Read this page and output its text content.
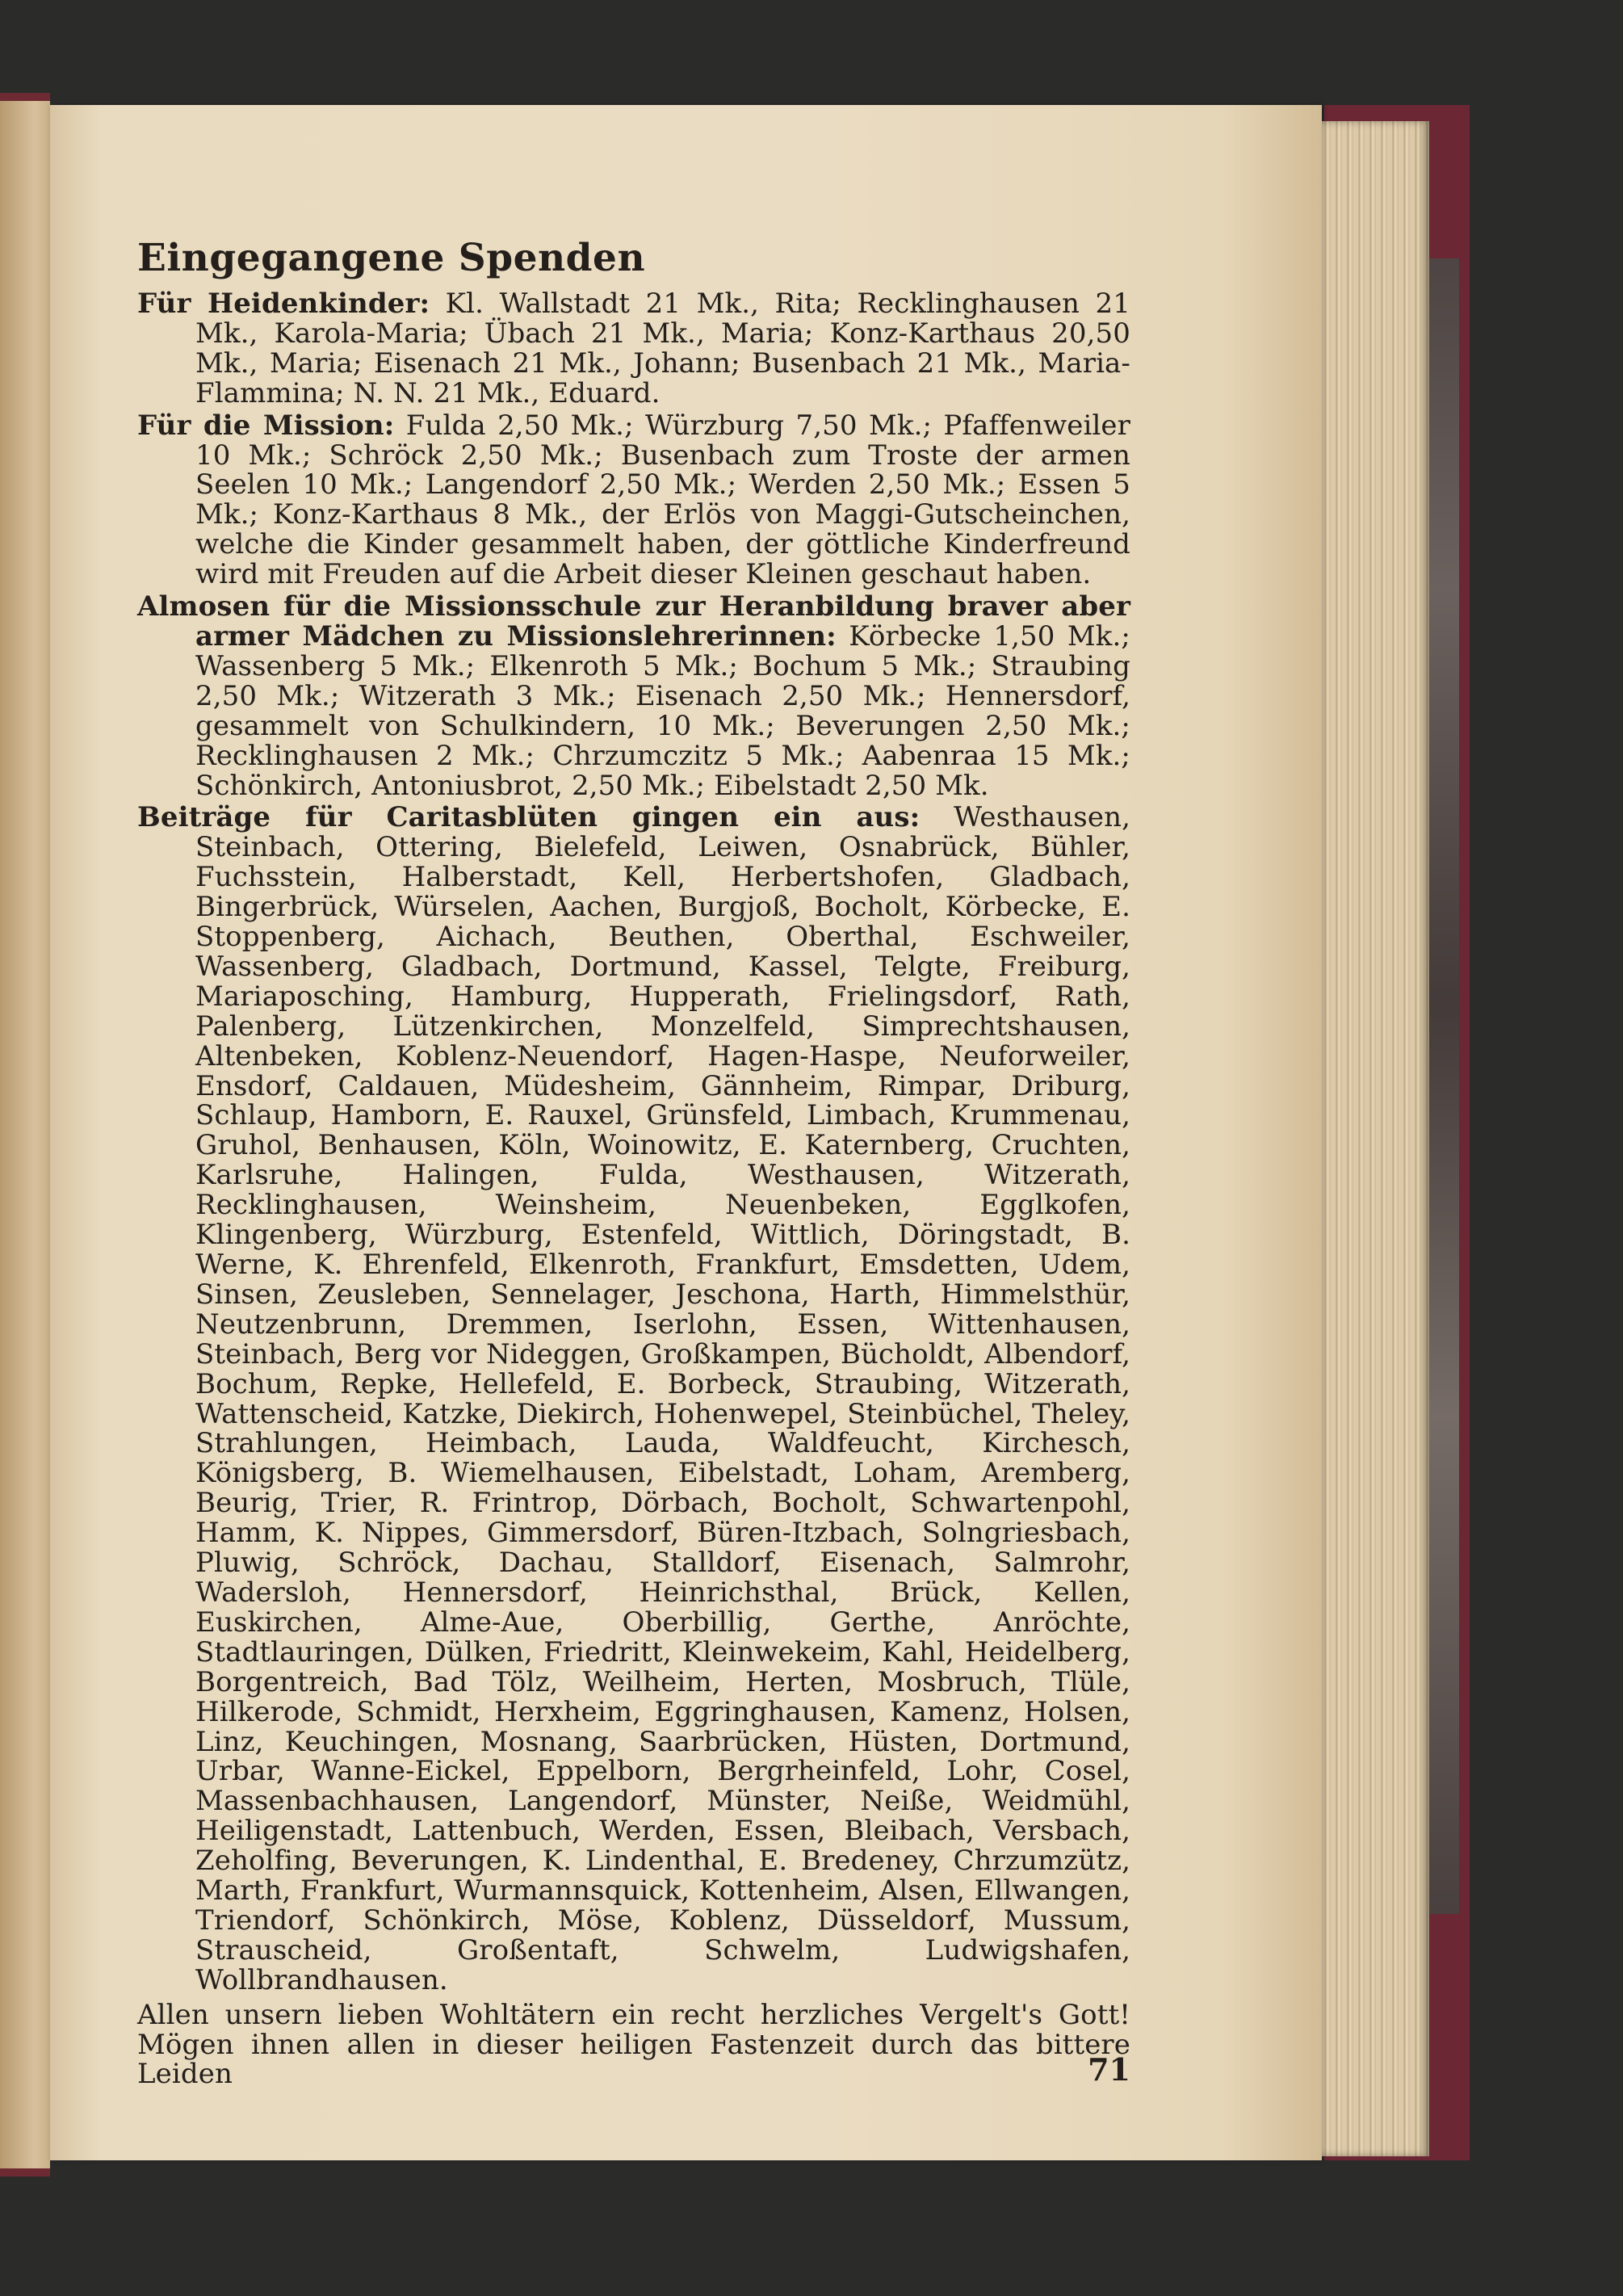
Eingegangene Spenden

Für Heidenkinder: Kl. Wallstadt 21 Mk., Rita; Recklinghausen 21 Mk., Karola-Maria; Übach 21 Mk., Maria; Konz-Karthaus 20,50 Mk., Maria; Eisenach 21 Mk., Johann; Busenbach 21 Mk., Maria-Flammina; N. N. 21 Mk., Eduard.

Für die Mission: Fulda 2,50 Mk.; Würzburg 7,50 Mk.; Pfaffenweiler 10 Mk.; Schröck 2,50 Mk.; Busenbach zum Troste der armen Seelen 10 Mk.; Langendorf 2,50 Mk.; Werden 2,50 Mk.; Essen 5 Mk.; Konz-Karthaus 8 Mk., der Erlös von Maggi-Gutscheinchen, welche die Kinder gesammelt haben, der göttliche Kinderfreund wird mit Freuden auf die Arbeit dieser Kleinen geschaut haben.

Almosen für die Missionsschule zur Heranbildung braver aber armer Mädchen zu Missionslehrerinnen: Körbecke 1,50 Mk.; Wassenberg 5 Mk.; Elkenroth 5 Mk.; Bochum 5 Mk.; Straubing 2,50 Mk.; Witzerath 3 Mk.; Eisenach 2,50 Mk.; Hennersdorf, gesammelt von Schulkindern, 10 Mk.; Beverungen 2,50 Mk.; Recklinghausen 2 Mk.; Chrzumczitz 5 Mk.; Aabenraa 15 Mk.; Schönkirch, Antoniusbrot, 2,50 Mk.; Eibelstadt 2,50 Mk.

Beiträge für Caritasblüten gingen ein aus: Westhausen, Steinbach, Ottering, Bielefeld, Leiwen, Osnabrück, Bühler, Fuchsstein, Halberstadt, Kell, Herbertshofen, Gladbach, Bingerbrück, Würselen, Aachen, Burgjoß, Bocholt, Körbecke, E. Stoppenberg, Aichach, Beuthen, Oberthal, Eschweiler, Wassenberg, Gladbach, Dortmund, Kassel, Telgte, Freiburg, Mariaposching, Hamburg, Hupperath, Frielingsdorf, Rath, Palenberg, Lützenkirchen, Monzelfeld, Simprechtshausen, Altenbeken, Koblenz-Neuendorf, Hagen-Haspe, Neuforweiler, Ensdorf, Caldauen, Müdesheim, Gännheim, Rimpar, Driburg, Schlaup, Hamborn, E. Rauxel, Grünsfeld, Limbach, Krummenau, Gruhol, Benhausen, Köln, Woinowitz, E. Katernberg, Cruchten, Karlsruhe, Halingen, Fulda, Westhausen, Witzerath, Recklinghausen, Weinsheim, Neuenbeken, Egglkofen, Klingenberg, Würzburg, Estenfeld, Wittlich, Döringstadt, B. Werne, K. Ehrenfeld, Elkenroth, Frankfurt, Emsdetten, Udem, Sinsen, Zeusleben, Sennelager, Jeschona, Harth, Himmelsthür, Neutzenbrunn, Dremmen, Iserlohn, Essen, Wittenhausen, Steinbach, Berg vor Nideggen, Großkampen, Bücholdt, Albendorf, Bochum, Repke, Hellefeld, E. Borbeck, Straubing, Witzerath, Wattenscheid, Katzke, Diekirch, Hohenwepel, Steinbüchel, Theley, Strahlungen, Heimbach, Lauda, Waldfeucht, Kirchesch, Königsberg, B. Wiemelhausen, Eibelstadt, Loham, Aremberg, Beurig, Trier, R. Frintrop, Dörbach, Bocholt, Schwartenpohl, Hamm, K. Nippes, Gimmersdorf, Büren-Itzbach, Solngriesbach, Pluwig, Schröck, Dachau, Stalldorf, Eisenach, Salmrohr, Wadersloh, Hennersdorf, Heinrichsthal, Brück, Kellen, Euskirchen, Alme-Aue, Oberbillig, Gerthe, Anröchte, Stadtlauringen, Dülken, Friedritt, Kleinwekeim, Kahl, Heidelberg, Borgentreich, Bad Tölz, Weilheim, Herten, Mosbruch, Tlüle, Hilkerode, Schmidt, Herxheim, Eggringhausen, Kamenz, Holsen, Linz, Keuchingen, Mosnang, Saarbrücken, Hüsten, Dortmund, Urbar, Wanne-Eickel, Eppelborn, Bergrheinfeld, Lohr, Cosel, Massenbachhausen, Langendorf, Münster, Neiße, Weidmühl, Heiligenstadt, Lattenbuch, Werden, Essen, Bleibach, Versbach, Zeholfing, Beverungen, K. Lindenthal, E. Bredeney, Chrzumzütz, Marth, Frankfurt, Wurmannsquick, Kottenheim, Alsen, Ellwangen, Triendorf, Schönkirch, Möse, Koblenz, Düsseldorf, Mussum, Strauscheid, Großentaft, Schwelm, Ludwigshafen, Wollbrandhausen.

Allen unsern lieben Wohltätern ein recht herzliches Vergelt's Gott! Mögen ihnen allen in dieser heiligen Fastenzeit durch das bittere Leiden	71
